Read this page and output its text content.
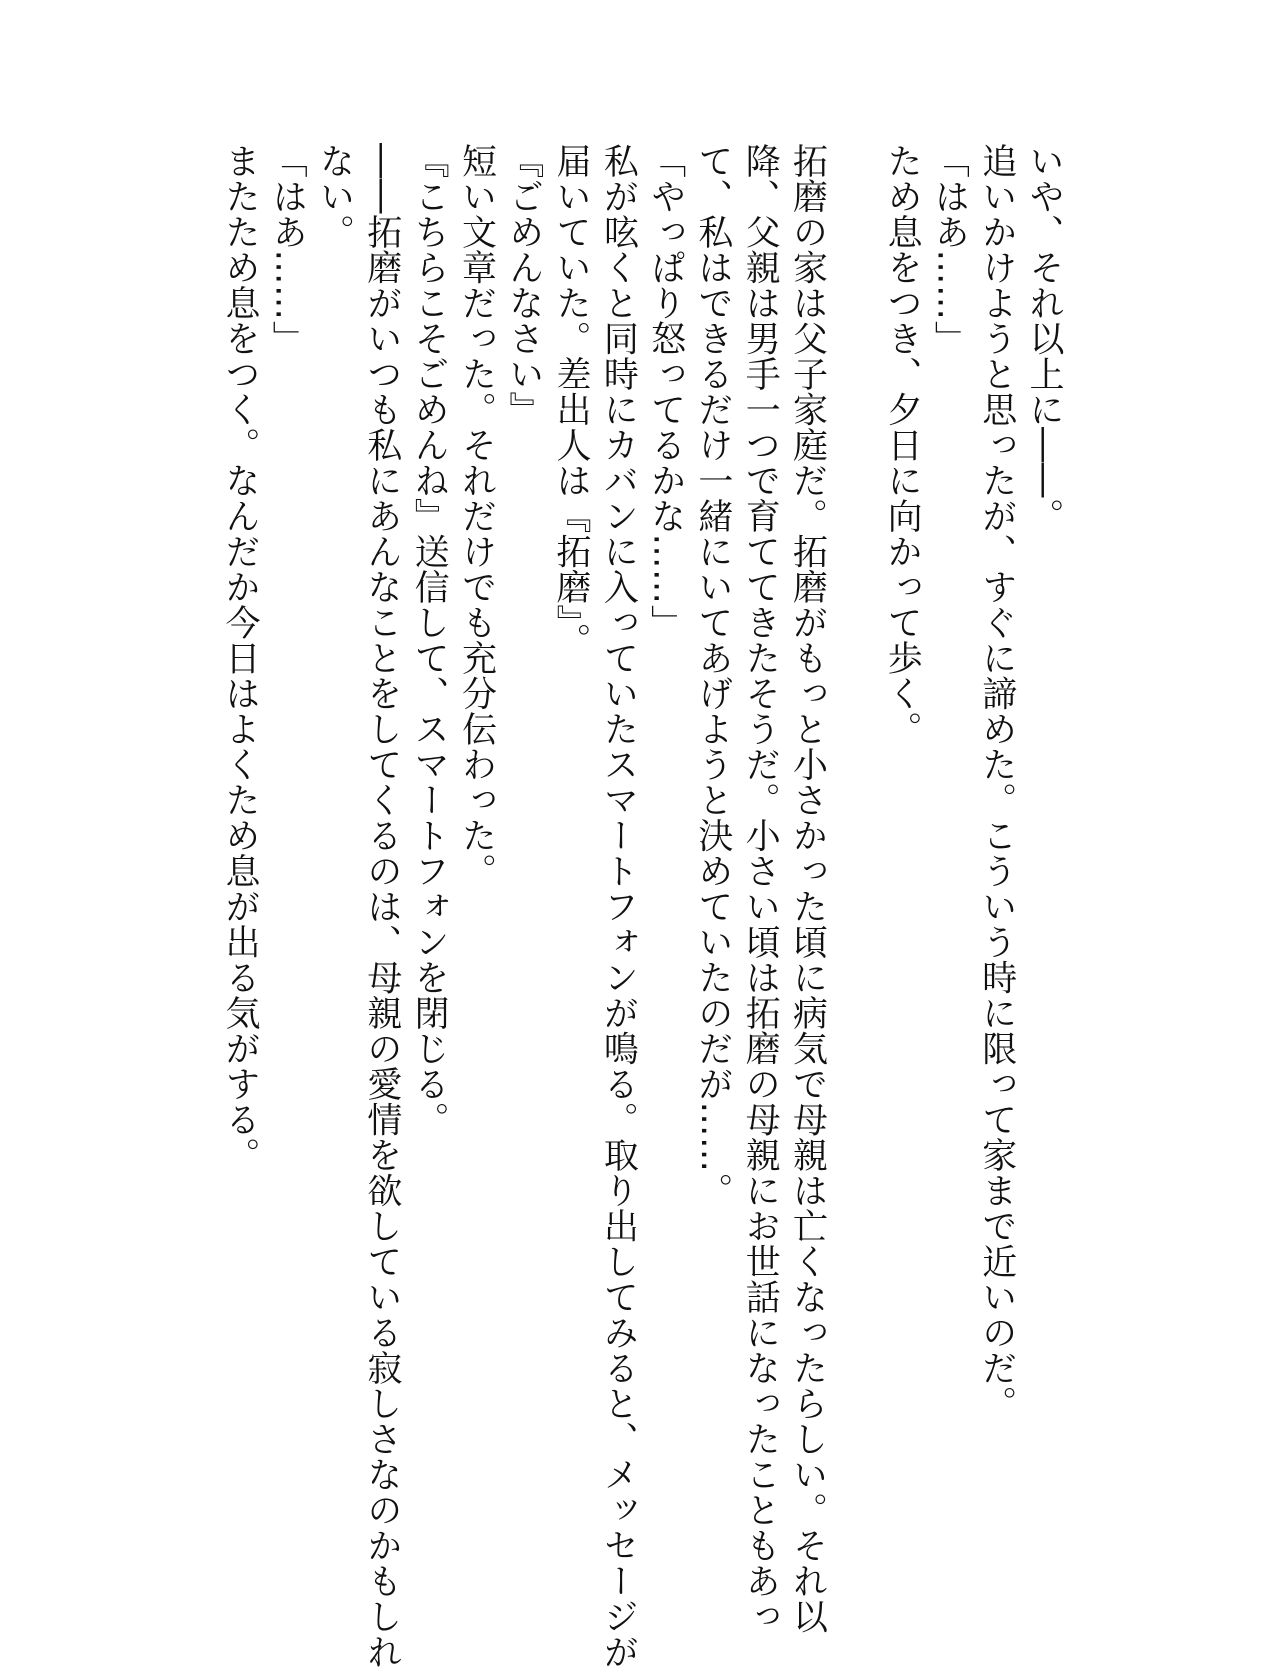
いや、それ以上に――。
追いかけようと思ったが、すぐに諦めた。こういう時に限って家まで近いのだ。
「はあ……」
ため息をつき、夕日に向かって歩く。
拓磨の家は父子家庭だ。拓磨がもっと小さかった頃に病気で母親は亡くなったらしい。それ以
降、父親は男手一つで育ててきたそうだ。小さい頃は拓磨の母親にお世話になったこともあっ
て、私はできるだけ一緒にいてあげようと決めていたのだが……。
「やっぱり怒ってるかな……」
私が呟くと同時にカバンに入っていたスマートフォンが鳴る。取り出してみると、メッセージが
届いていた。差出人は『拓磨』。
『ごめんなさい』
短い文章だった。それだけでも充分伝わった。
『こちらこそごめんね』送信して、スマートフォンを閉じる。
――拓磨がいつも私にあんなことをしてくるのは、母親の愛情を欲している寂しさなのかもしれ
ない。
「はあ……」
またため息をつく。なんだか今日はよくため息が出る気がする。
